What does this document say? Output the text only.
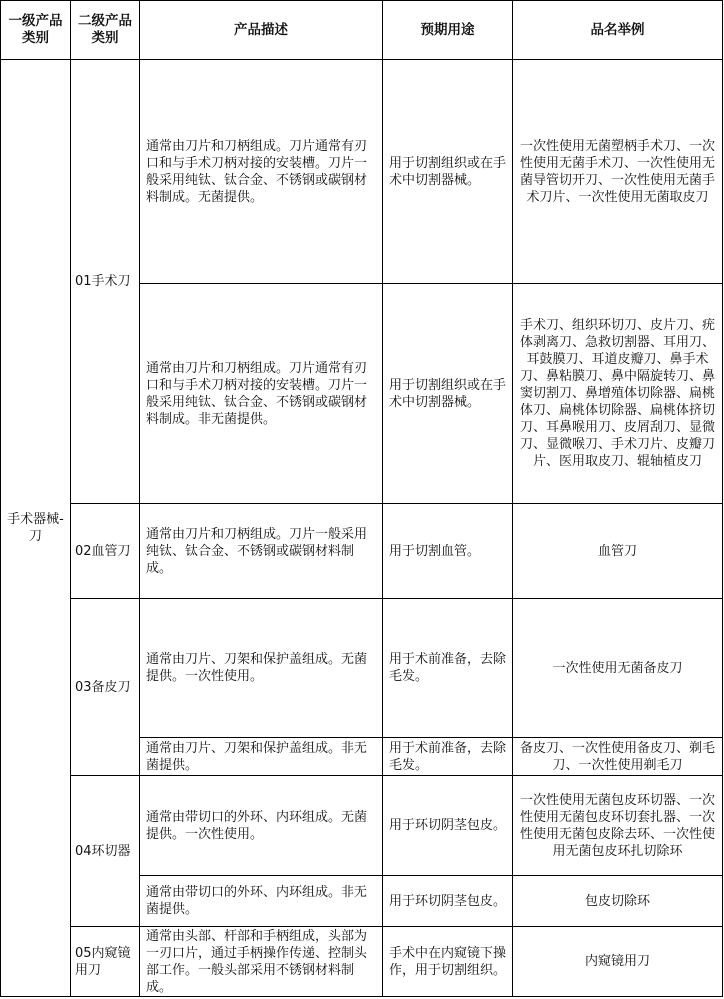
一级产品类别	二级产品类别	产品描述	预期用途	品名举例
手术器械-刀	01手术刀	通常由刀片和刀柄组成。刀片通常有刃口和与手术刀柄对接的安装槽。刀片一般采用纯钛、钛合金、不锈钢或碳钢材料制成。无菌提供。	用于切割组织或在手术中切割器械。	一次性使用无菌塑柄手术刀、一次性使用无菌手术刀、一次性使用无菌导管切开刀、一次性使用无菌手术刀片、一次性使用无菌取皮刀
		通常由刀片和刀柄组成。刀片通常有刃口和与手术刀柄对接的安装槽。刀片一般采用纯钛、钛合金、不锈钢或碳钢材料制成。非无菌提供。	用于切割组织或在手术中切割器械。	手术刀、组织环切刀、皮片刀、疣体剥离刀、急救切割器、耳用刀、耳鼓膜刀、耳道皮瓣刀、鼻手术刀、鼻粘膜刀、鼻中隔旋转刀、鼻窦切割刀、鼻增殖体切除器、扁桃体刀、扁桃体切除器、扁桃体挤切刀、耳鼻喉用刀、皮屑刮刀、显微刀、显微喉刀、手术刀片、皮瓣刀片、医用取皮刀、辊轴植皮刀
	02血管刀	通常由刀片和刀柄组成。刀片一般采用纯钛、钛合金、不锈钢或碳钢材料制成。	用于切割血管。	血管刀
	03备皮刀	通常由刀片、刀架和保护盖组成。无菌提供。一次性使用。	用于术前准备，去除毛发。	一次性使用无菌备皮刀
		通常由刀片、刀架和保护盖组成。非无菌提供。	用于术前准备，去除毛发。	备皮刀、一次性使用备皮刀、剃毛刀、一次性使用剃毛刀
	04环切器	通常由带切口的外环、内环组成。无菌提供。一次性使用。	用于环切阴茎包皮。	一次性使用无菌包皮环切器、一次性使用无菌包皮环切套扎器、一次性使用无菌包皮除去环、一次性使用无菌包皮环扎切除环
		通常由带切口的外环、内环组成。非无菌提供。	用于环切阴茎包皮。	包皮切除环
	05内窥镜用刀	通常由头部、杆部和手柄组成，头部为一刃口片，通过手柄操作传递、控制头部工作。一般头部采用不锈钢材料制成。	手术中在内窥镜下操作，用于切割组织。	内窥镜用刀
